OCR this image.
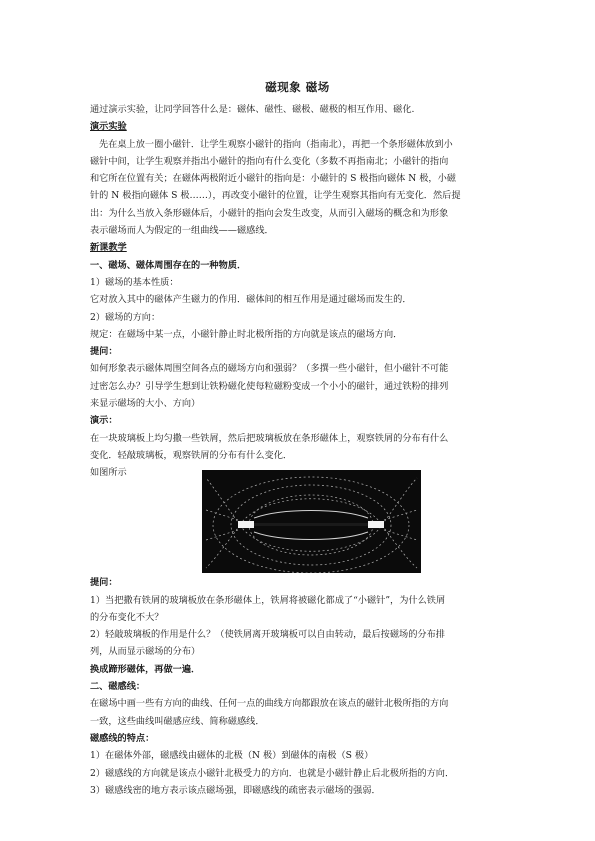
磁现象 磁场
通过演示实验，让同学回答什么是：磁体、磁性、磁极、磁极的相互作用、磁化.
演示实验
先在桌上放一圈小磁针．让学生观察小磁针的指向（指南北），再把一个条形磁体放到小
磁针中间，让学生观察并指出小磁针的指向有什么变化（多数不再指南北；小磁针的指向
和它所在位置有关；在磁体两极附近小磁针的指向是：小磁针的 S 极指向磁体 N 极，小磁
针的 N 极指向磁体 S 极……），再改变小磁针的位置，让学生观察其指向有无变化．然后提
出：为什么当放入条形磁体后，小磁针的指向会发生改变，从而引入磁场的概念和为形象
表示磁场而人为假定的一组曲线——磁感线．
新课教学
一、磁场、磁体周围存在的一种物质．
1）磁场的基本性质：
它对放入其中的磁体产生磁力的作用．磁体间的相互作用是通过磁场而发生的．
2）磁场的方向：
规定：在磁场中某一点，小磁针静止时北极所指的方向就是该点的磁场方向．
提问：
如何形象表示磁体周围空间各点的磁场方向和强弱？（多撰一些小磁针，但小磁针不可能
过密怎么办？引导学生想到让铁粉磁化使每粒磁粉变成一个小小的磁针，通过铁粉的排列
来显示磁场的大小、方向）
演示：
在一块玻璃板上均匀撒一些铁屑，然后把玻璃板放在条形磁体上，观察铁屑的分布有什么
变化．轻敲玻璃板，观察铁屑的分布有什么变化．
如图所示
提问：
1）当把撒有铁屑的玻璃板放在条形磁体上，铁屑将被磁化都成了“小磁针”，为什么铁屑
的分布变化不大？
2）轻敲玻璃板的作用是什么？（使铁屑离开玻璃板可以自由转动，最后按磁场的分布排
列，从而显示磁场的分布）
换成蹄形磁体，再做一遍．
二、磁感线：
在磁场中画一些有方向的曲线、任何一点的曲线方向都跟放在该点的磁针北极所指的方向
一致，这些曲线叫磁感应线、简称磁感线．
磁感线的特点：
1）在磁体外部，磁感线由磁体的北极（N 极）到磁体的南极（S 极）
2）磁感线的方向就是该点小磁针北极受力的方向．也就是小磁针静止后北极所指的方向．
3）磁感线密的地方表示该点磁场强，即磁感线的疏密表示磁场的强弱．
